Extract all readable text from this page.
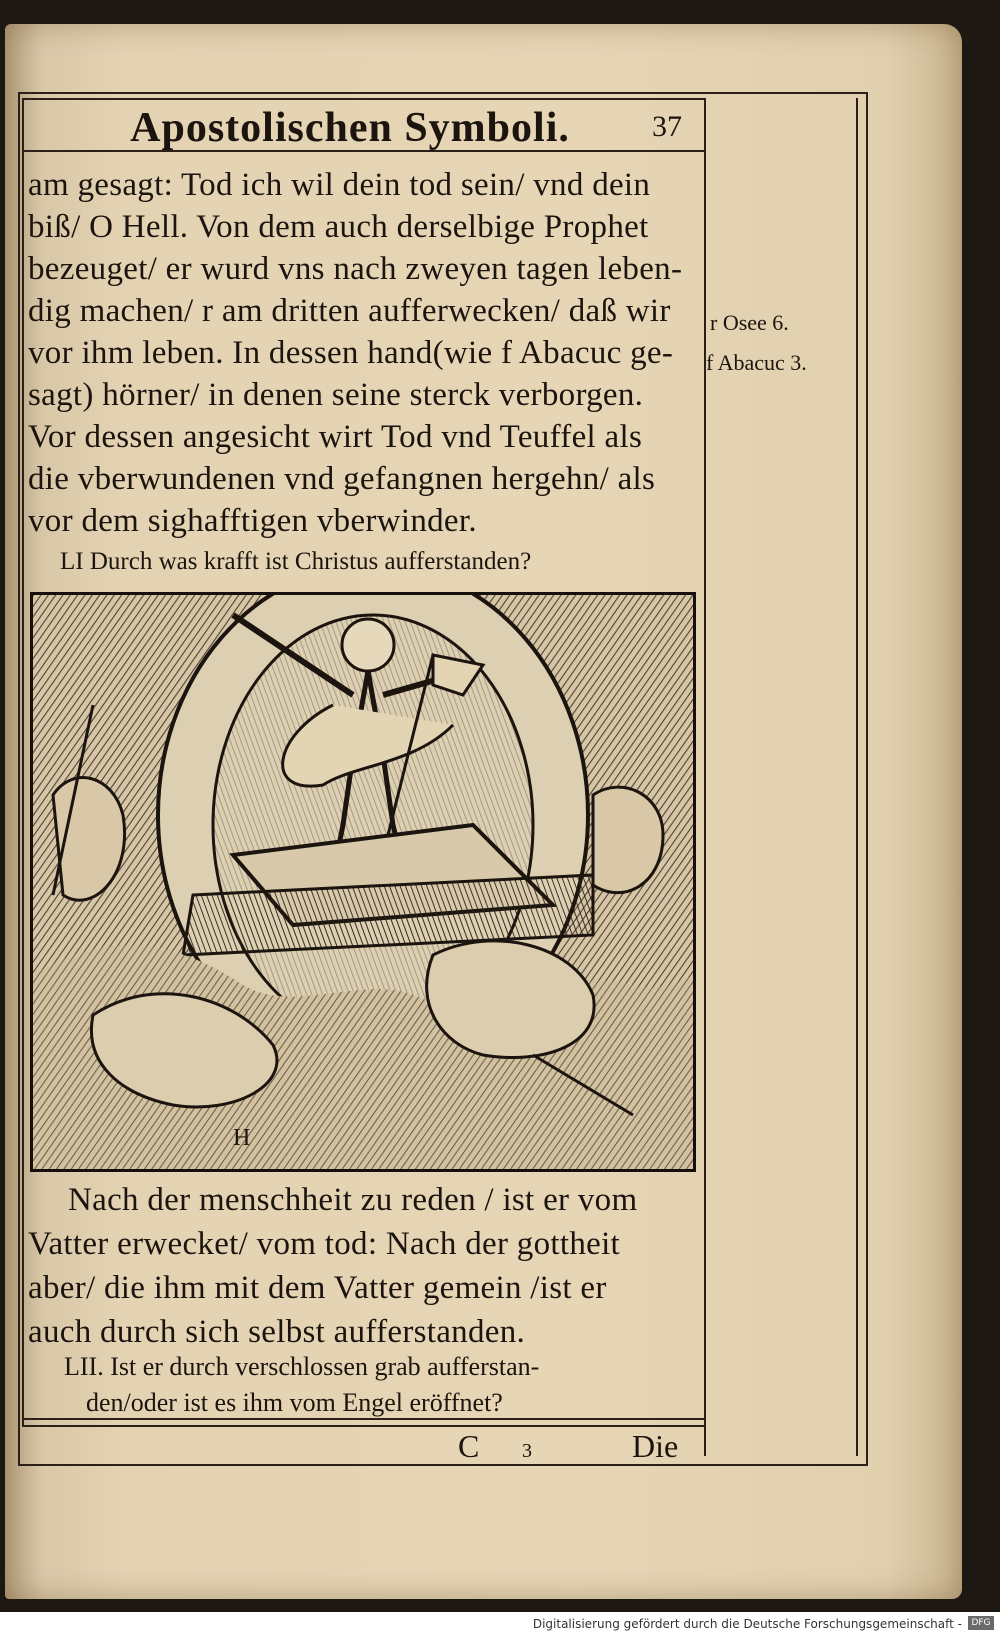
Apostolischen Symboli.	37
am gesagt: Tod ich wil dein tod sein/ vnd dein
biß/ O Hell. Von dem auch derselbige Prophet
bezeuget/ er wurd vns nach zweyen tagen leben-
dig machen/ r am dritten aufferwecken/ daß wir
vor ihm leben. In dessen hand(wie f Abacuc ge-
sagt) hörner/ in denen seine sterck verborgen.
Vor dessen angesicht wirt Tod vnd Teuffel als
die vberwundenen vnd gefangnen hergehn/ als
vor dem sighafftigen vberwinder.
LI Durch was krafft ist Christus aufferstanden?
H
Nach der menschheit zu reden / ist er vom
Vatter erwecket/ vom tod: Nach der gottheit
aber/ die ihm mit dem Vatter gemein /ist er
auch durch sich selbst aufferstanden.
LII. Ist er durch verschlossen grab aufferstan-
den/oder ist es ihm vom Engel eröffnet?
r Osee 6.
f Abacuc 3.
C 3	Die
Digitalisierung gefördert durch die Deutsche Forschungsgemeinschaft -	DFG
